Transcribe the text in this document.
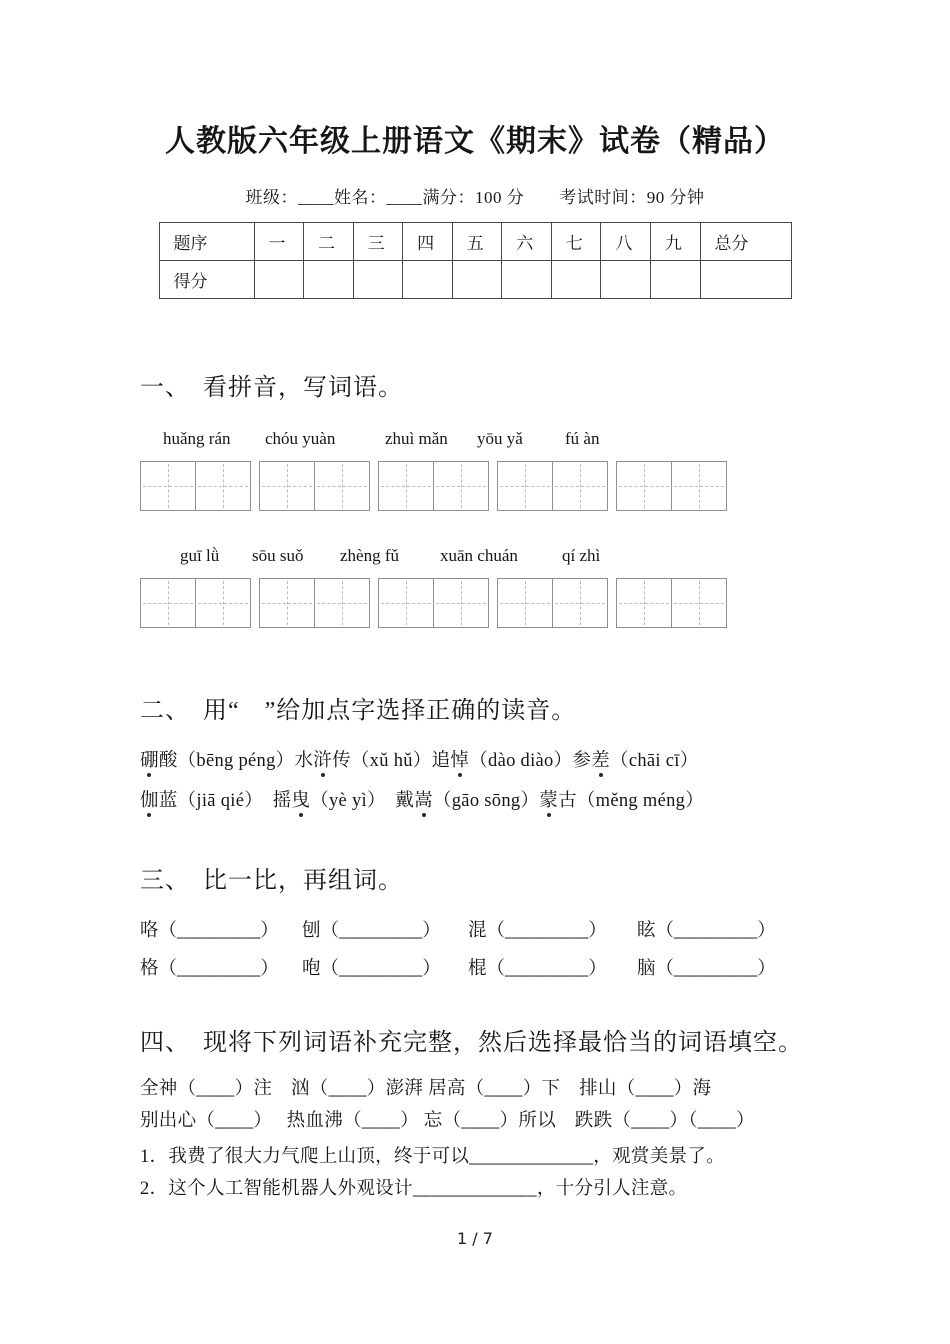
人教版六年级上册语文《期末》试卷（精品）
班级：____姓名：____满分：100 分　　考试时间：90 分钟
题序	一	二	三	四	五	六	七	八	九	总分
得分										
一、　看拼音，写词语。
huǎng rán chóu yuàn	zhuì mǎn yōu yǎ fú àn
guī lǜ sōu suǒ zhèng fǔ xuān chuán	qí zhì
二、　用“　”给加点字选择正确的读音。
硼酸（bēng péng）水浒传（xǔ hǔ）追悼（dào diào）参差（chāi cī）
伽蓝（jiā qié）　摇曳（yè yì）　戴嵩（gāo sōng）蒙古（měng méng）
三、　比一比，再组词。
咯（_________）	刨（_________）	混（_________）	眩（_________）
格（_________）	咆（_________）	棍（_________）	脑（_________）
四、　现将下列词语补充完整，然后选择最恰当的词语填空。
全神（____）注　汹（____）澎湃 居高（____）下　排山（____）海
别出心（____）　 热血沸（____） 忘（____）所以　跌跌（____）（____）
1．我费了很大力气爬上山顶，终于可以_____________，观赏美景了。
2．这个人工智能机器人外观设计_____________，十分引人注意。
1 / 7
